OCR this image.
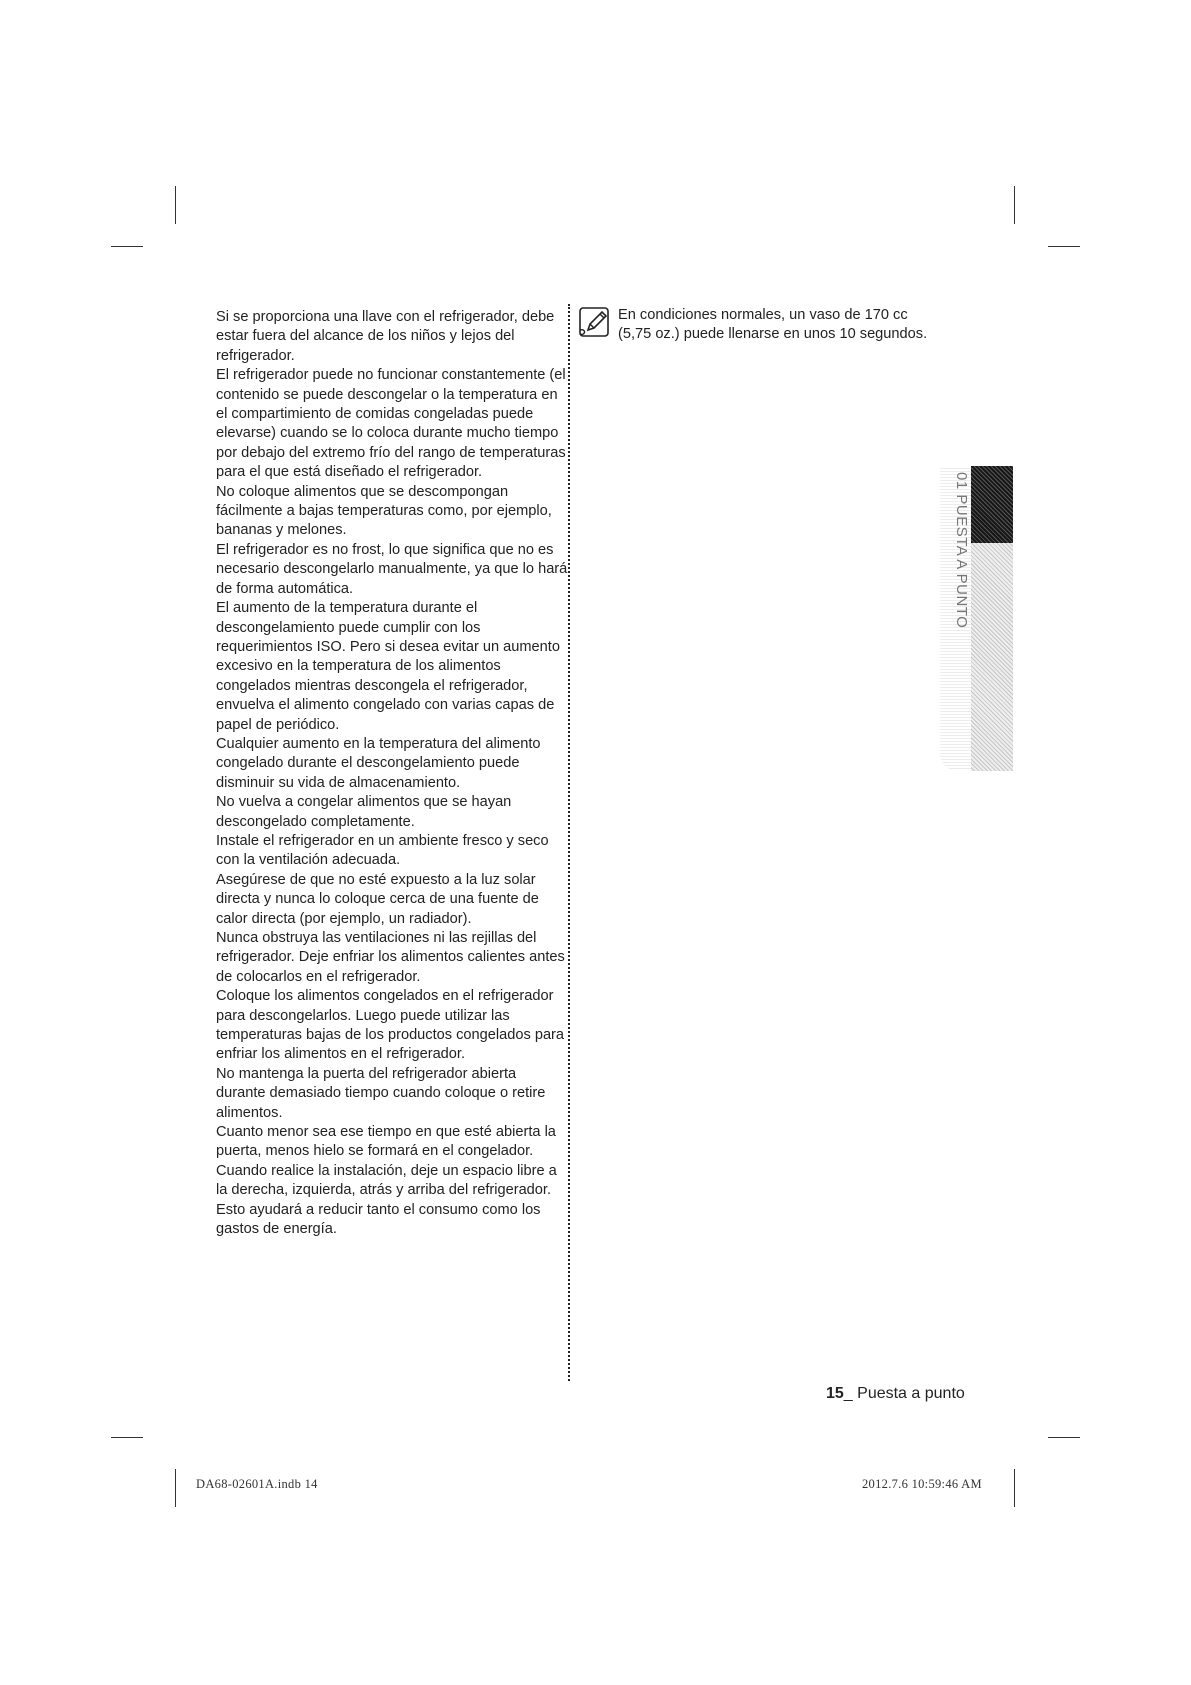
Si se proporciona una llave con el refrigerador, debe estar fuera del alcance de los niños y lejos del refrigerador.

El refrigerador puede no funcionar constantemente (el contenido se puede descongelar o la temperatura en el compartimiento de comidas congeladas puede elevarse) cuando se lo coloca durante mucho tiempo por debajo del extremo frío del rango de temperaturas para el que está diseñado el refrigerador.

No coloque alimentos que se descompongan fácilmente a bajas temperaturas como, por ejemplo, bananas y melones.

El refrigerador es no frost, lo que significa que no es necesario descongelarlo manualmente, ya que lo hará de forma automática.

El aumento de la temperatura durante el descongelamiento puede cumplir con los requerimientos ISO. Pero si desea evitar un aumento excesivo en la temperatura de los alimentos congelados mientras descongela el refrigerador, envuelva el alimento congelado con varias capas de papel de periódico.

Cualquier aumento en la temperatura del alimento congelado durante el descongelamiento puede disminuir su vida de almacenamiento.

No vuelva a congelar alimentos que se hayan descongelado completamente.

Instale el refrigerador en un ambiente fresco y seco con la ventilación adecuada.

Asegúrese de que no esté expuesto a la luz solar directa y nunca lo coloque cerca de una fuente de calor directa (por ejemplo, un radiador).

Nunca obstruya las ventilaciones ni las rejillas del refrigerador. Deje enfriar los alimentos calientes antes de colocarlos en el refrigerador.

Coloque los alimentos congelados en el refrigerador para descongelarlos. Luego puede utilizar las temperaturas bajas de los productos congelados para enfriar los alimentos en el refrigerador.

No mantenga la puerta del refrigerador abierta durante demasiado tiempo cuando coloque o retire alimentos.

Cuanto menor sea ese tiempo en que esté abierta la puerta, menos hielo se formará en el congelador.

Cuando realice la instalación, deje un espacio libre a la derecha, izquierda, atrás y arriba del refrigerador.

Esto ayudará a reducir tanto el consumo como los gastos de energía.

En condiciones normales, un vaso de 170 cc (5,75 oz.) puede llenarse en unos 10 segundos.
01 PUESTA A PUNTO
15_ Puesta a punto
DA68-02601A.indb 14	2012.7.6 10:59:46 AM
